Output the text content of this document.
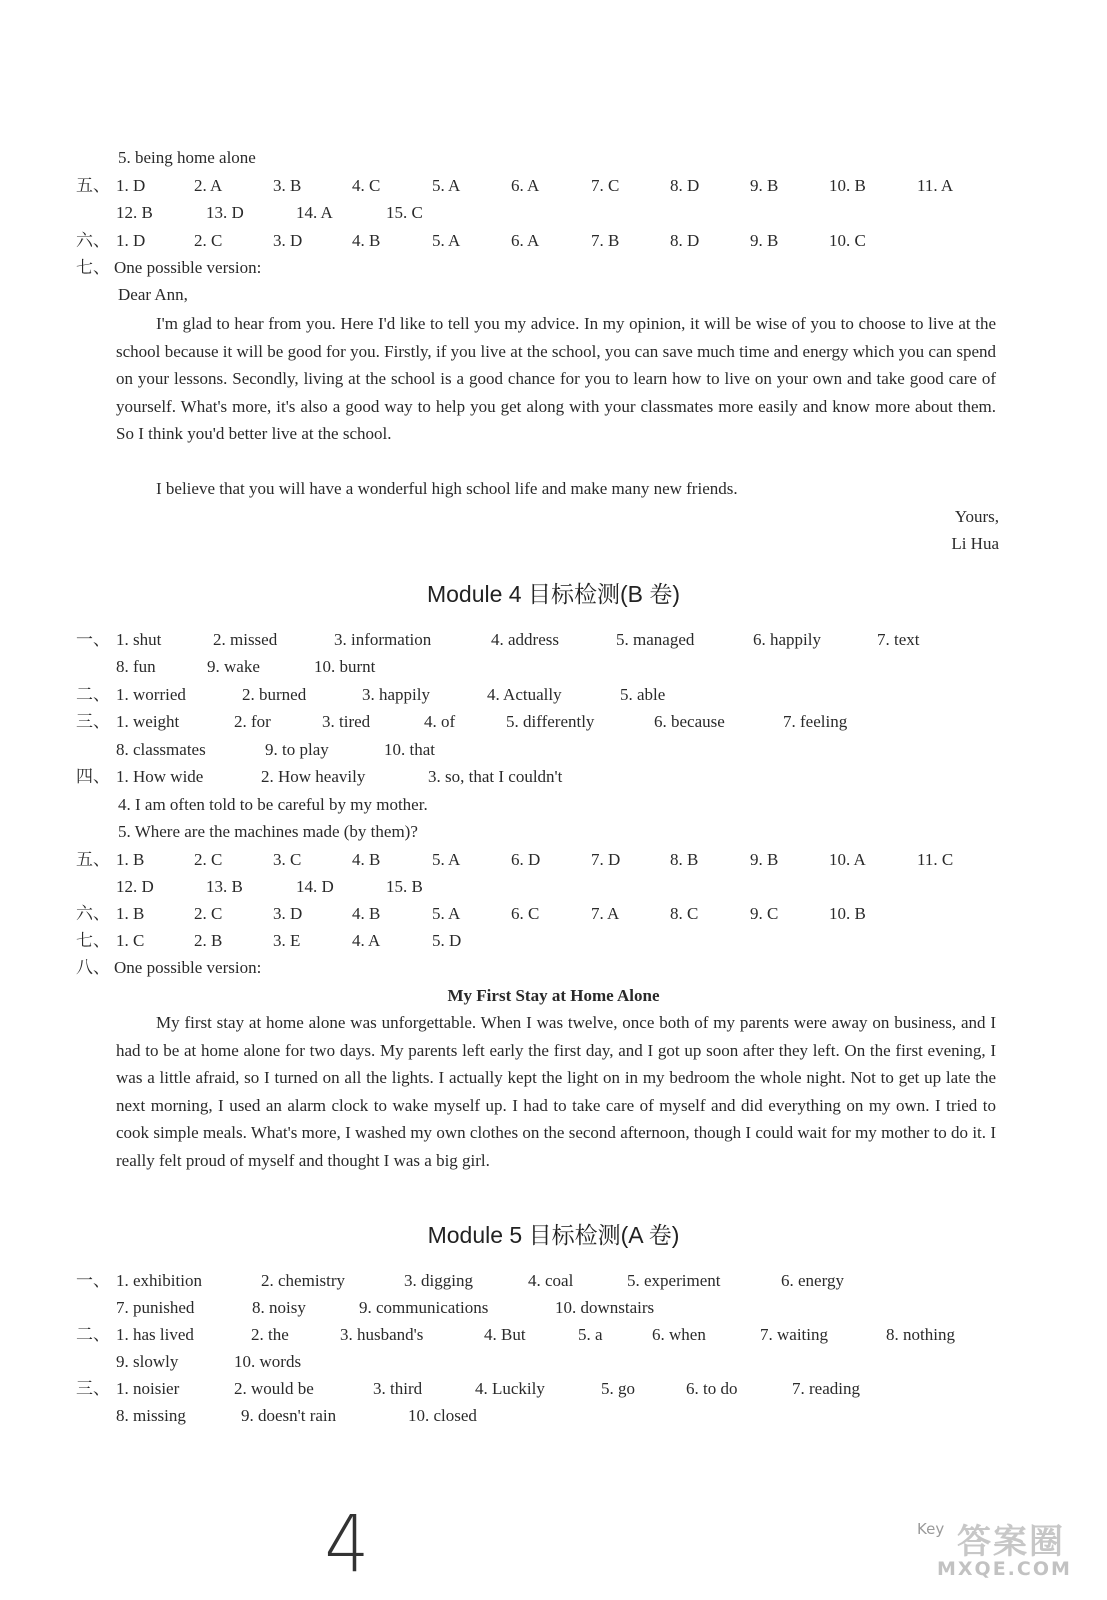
5. being home alone
五、 1. D	2. A	3. B	4. C	5. A	6. A	7. C	8. D	9. B	10. B	11. A
12. B	13. D	14. A	15. C
六、 1. D	2. C	3. D	4. B	5. A	6. A	7. B	8. D	9. B	10. C
七、 One possible version:
Dear Ann,
I'm glad to hear from you. Here I'd like to tell you my advice. In my opinion, it will be wise of you to choose to live at the school because it will be good for you. Firstly, if you live at the school, you can save much time and energy which you can spend on your lessons. Secondly, living at the school is a good chance for you to learn how to live on your own and take good care of yourself. What's more, it's also a good way to help you get along with your classmates more easily and know more about them. So I think you'd better live at the school.
I believe that you will have a wonderful high school life and make many new friends.
Yours,
Li Hua
Module 4 目标检测(B 卷)
一、 1. shut	2. missed	3. information	4. address	5. managed	6. happily	7. text
8. fun	9. wake	10. burnt
二、 1. worried	2. burned	3. happily	4. Actually	5. able
三、 1. weight	2. for	3. tired	4. of	5. differently	6. because	7. feeling
8. classmates	9. to play	10. that
四、 1. How wide	2. How heavily	3. so, that I couldn't
4. I am often told to be careful by my mother.
5. Where are the machines made (by them)?
五、 1. B	2. C	3. C	4. B	5. A	6. D	7. D	8. B	9. B	10. A	11. C
12. D	13. B	14. D	15. B
六、 1. B	2. C	3. D	4. B	5. A	6. C	7. A	8. C	9. C	10. B
七、 1. C	2. B	3. E	4. A	5. D
八、 One possible version:
My First Stay at Home Alone
My first stay at home alone was unforgettable. When I was twelve, once both of my parents were away on business, and I had to be at home alone for two days. My parents left early the first day, and I got up soon after they left. On the first evening, I was a little afraid, so I turned on all the lights. I actually kept the light on in my bedroom the whole night. Not to get up late the next morning, I used an alarm clock to wake myself up. I had to take care of myself and did everything on my own. I tried to cook simple meals. What's more, I washed my own clothes on the second afternoon, though I could wait for my mother to do it. I really felt proud of myself and thought I was a big girl.
Module 5 目标检测(A 卷)
一、 1. exhibition	2. chemistry	3. digging	4. coal	5. experiment	6. energy
7. punished	8. noisy	9. communications	10. downstairs
二、 1. has lived	2. the	3. husband's	4. But	5. a	6. when	7. waiting	8. nothing
9. slowly	10. words
三、 1. noisier	2. would be	3. third	4. Luckily	5. go	6. to do	7. reading
8. missing	9. doesn't rain	10. closed
4	Key 答案圈
MXQE.COM
